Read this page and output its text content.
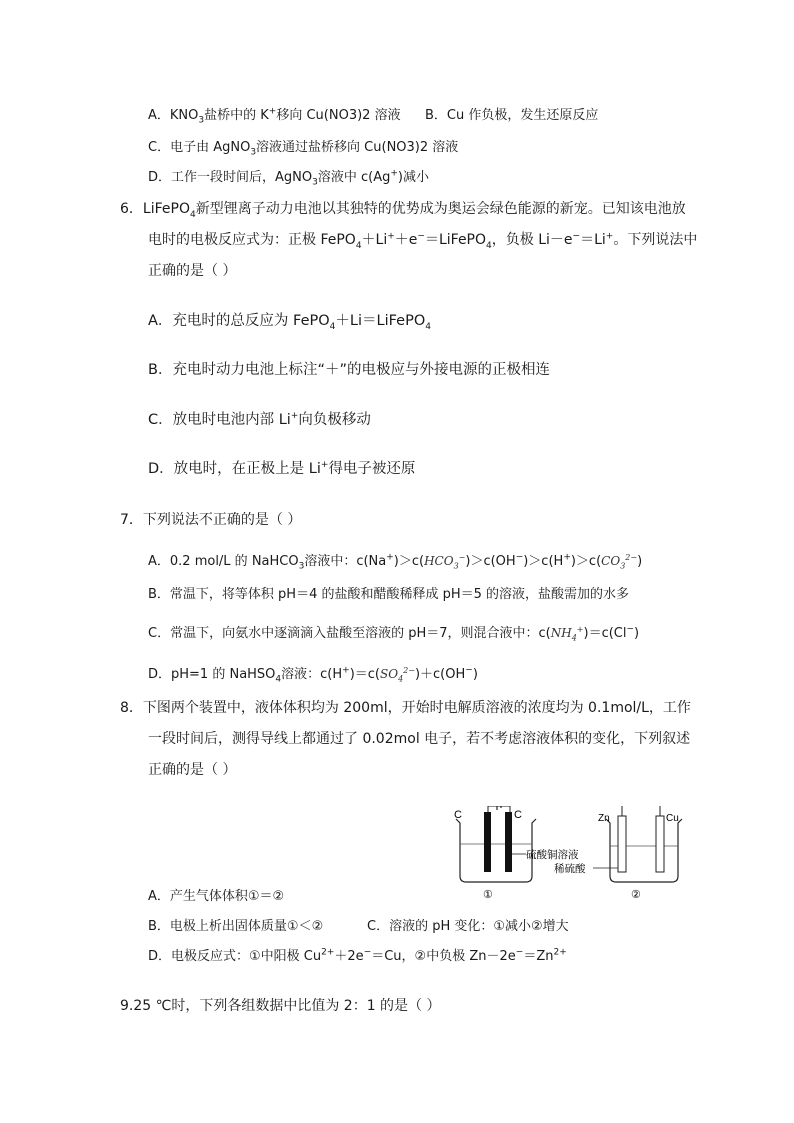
A．$KNO_3$盐桥中的 K+移向 Cu(NO3)2 溶液 B．Cu 作负极，发生还原反应
C．电子由 AgNO$_3$溶液通过盐桥移向 Cu(NO3)2 溶液
D．工作一段时间后，AgNO$_3$溶液中 c(Ag+)减小
6．LiFePO$_4$新型锂离子动力电池以其独特的优势成为奥运会绿色能源的新宠。已知该电池放
电时的电极反应式为：正极 FePO$_4$＋Li+＋e−＝LiFePO$_4$，负极 Li－e−＝Li+。下列说法中
正确的是（ ）
A．充电时的总反应为 FePO$_4$＋Li＝LiFePO$_4$
B．充电时动力电池上标注“＋”的电极应与外接电源的正极相连
C．放电时电池内部 Li+向负极移动
D．放电时，在正极上是 Li+得电子被还原
7．下列说法不正确的是（ ）
A．0.2 mol/L 的 NaHCO$_3$溶液中：$c(Na^+)>c(HCO_3^-)>c(OH^-)>c(H^+)>c(CO_3^{2-})$
B．常温下，将等体积 pH＝4 的盐酸和醋酸稀释成 pH＝5 的溶液，盐酸需加的水多
C．常温下，向氨水中逐滴滴入盐酸至溶液的 pH＝7，则混合液中：$c(NH_4^+)=c(Cl^-)$
D．pH=1 的 NaHSO$_4$溶液：$c(H^+)=c(SO_4^{2-})+c(OH^-)$
8．下图两个装置中，液体体积均为 200ml，开始时电解质溶液的浓度均为 0.1mol/L，工作
一段时间后，测得导线上都通过了 0.02mol 电子，若不考虑溶液体积的变化，下列叙述
正确的是（ ）
C	C
①
Zn	Cu
②
硫酸铜溶液
稀硫酸
A．产生气体体积①＝②
B．电极上析出固体质量①＜②	C．溶液的 pH 变化：①减小②增大
D．电极反应式：①中阳极 $Cu^{2+}+2e^-=Cu$，②中负极 $Zn-2e^-=Zn^{2+}$
9.25 ℃时，下列各组数据中比值为 2：1 的是（ ）
